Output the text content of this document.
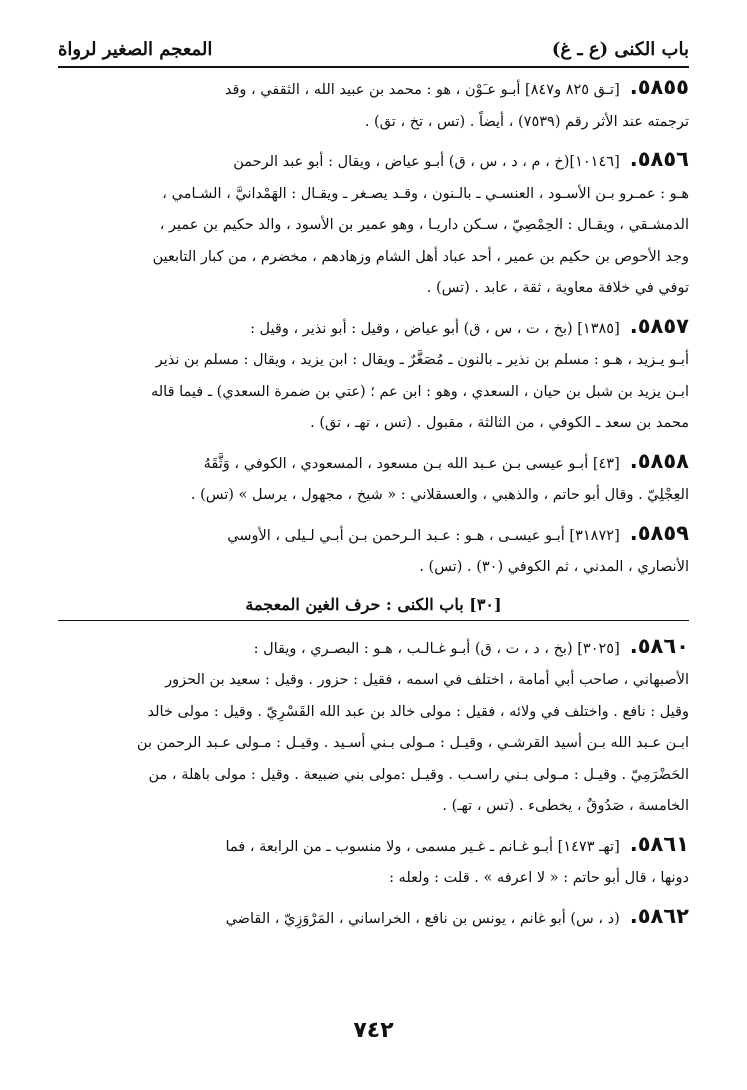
باب الكنى (ع ـ غ)
المعجم الصغير لرواة

٥٨٥٥.[تـق ٨٢٥ و٨٤٧] أبـو عـَوْن ، هو : محمد بن عبيد الله ، الثقفي ، وقد

ترجمته عند الأثر رقم (٧٥٣٩) ، أيضاً . (تس ، تخ ، تق) .

٥٨٥٦.[١٠١٤٦](خ ، م ، د ، س ، ق) أبـو عياض ، ويقال : أبو عبد الرحمن

هـو : عمـرو بـن الأسـود ، العنسـي ـ بالـنون ، وقـد يصـغر ـ ويقـال : الهَمْدانيَّ ، الشـامي ،

الدمشـقي ، ويقـال : الحِمْصِيّ ، سـكن داريـا ، وهو عمير بن الأسود ، والد حكيم بن عمير ،

وجد الأحوص بن حكيم بن عمير ، أحد عباد أهل الشام وزهادهم ، مخضرم ، من كبار التابعين

توفي في خلافة معاوية ، ثقة ، عابد . (تس) .

٥٨٥٧.[١٣٨٥] (بخ ، ت ، س ، ق) أبو عياض ، وقيل : أبو نذير ، وقيل :

أبـو يـزيد ، هـو : مسلم بن نذير ـ بالنون ـ مُصَغَّرٌ ـ ويقال : ابن يزيد ، ويقال : مسلم بن نذير

ابـن يزيد بن شبل بن حيان ، السعدي ، وهو : ابن عم ؛ (عتي بن ضمرة السعدي) ـ فيما قاله

محمد بن سعد ـ الكوفي ، من الثالثة ، مقبول . (تس ، تهـ ، تق) .

٥٨٥٨.[٤٣] أبـو عيسى بـن عـبد الله بـن مسعود ، المسعودي ، الكوفي ، وَثَّقَهُ

العِجْلِيّ . وقال أبو حاتم ، والذهبي ، والعسقلاني : « شيخ ، مجهول ، يرسل » (تس) .

٥٨٥٩.[٣١٨٧٢] أبـو عيسـى ، هـو : عـبد الـرحمن بـن أبـي لـيلى ، الأوسي

الأنصاري ، المدني ، ثم الكوفي (٣٠) . (تس) .

[٣٠] باب الكنى : حرف الغين المعجمة

٥٨٦٠.[٣٠٢٥] (بخ ، د ، ت ، ق) أبـو غـالـب ، هـو : البصـري ، ويقال :

الأصبهاني ، صاحب أبي أمامة ، اختلف في اسمه ، فقيل : حزور . وقيل : سعيد بن الحزور

وقيل : نافع . واختلف في ولائه ، فقيل : مولى خالد بن عبد الله القَسْرِيّ . وقيل : مولى خالد

ابـن عـبد الله بـن أسيد القرشـي ، وقيـل : مـولى بـني أسـيد . وقيـل : مـولى عـبد الرحمن بن

الحَضْرَمِيّ . وقيـل : مـولى بـني راسـب . وقيـل :مولى بني ضبيعة . وقيل : مولى باهلة ، من

الخامسة ، صَدُوقٌ ، يخطىء . (تس ، تهـ) .

٥٨٦١.[تهـ ١٤٧٣] أبـو غـانم ـ غـير مسمى ، ولا منسوب ـ من الرابعة ، فما

دونها ، قال أبو حاتم : « لا اعرفه » . قلت : ولعله :

٥٨٦٢.(د ، س) أبو غانم ، يونس بن نافع ، الخراساني ، المَرْوَزِيّ ، القاضي

٧٤٢
